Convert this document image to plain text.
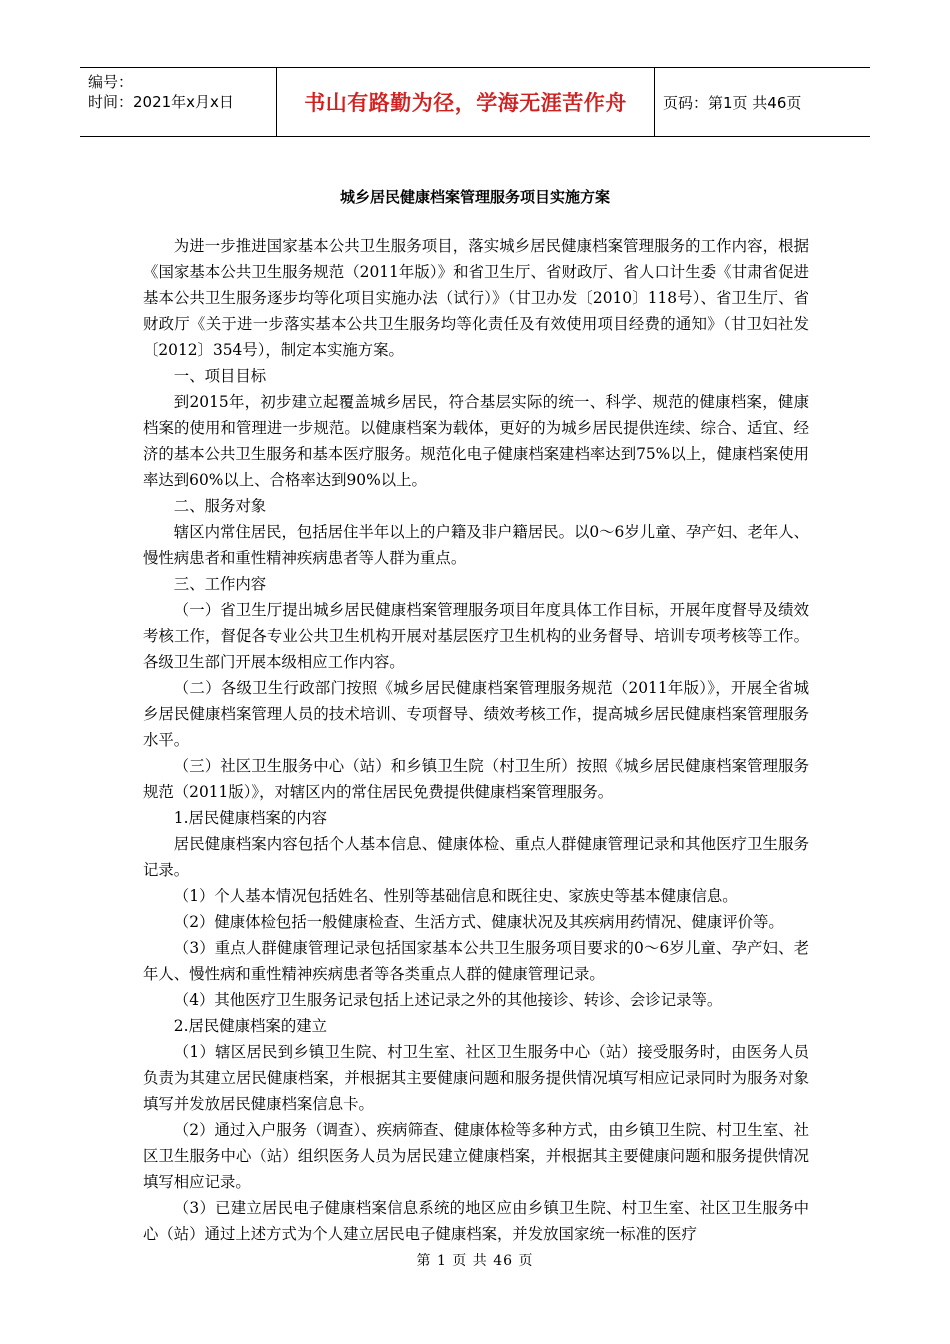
编号：
时间：2021年x月x日	书山有路勤为径，学海无涯苦作舟	页码：第1页 共46页
城乡居民健康档案管理服务项目实施方案

为进一步推进国家基本公共卫生服务项目，落实城乡居民健康档案管理服务的工作内容，根据《国家基本公共卫生服务规范（2011年版）》和省卫生厅、省财政厅、省人口计生委《甘肃省促进基本公共卫生服务逐步均等化项目实施办法（试行）》（甘卫办发〔2010〕118号）、省卫生厅、省财政厅《关于进一步落实基本公共卫生服务均等化责任及有效使用项目经费的通知》（甘卫妇社发〔2012〕354号），制定本实施方案。

一、项目目标

到2015年，初步建立起覆盖城乡居民，符合基层实际的统一、科学、规范的健康档案，健康档案的使用和管理进一步规范。以健康档案为载体，更好的为城乡居民提供连续、综合、适宜、经济的基本公共卫生服务和基本医疗服务。规范化电子健康档案建档率达到75%以上，健康档案使用率达到60%以上、合格率达到90%以上。

二、服务对象

辖区内常住居民，包括居住半年以上的户籍及非户籍居民。以0～6岁儿童、孕产妇、老年人、慢性病患者和重性精神疾病患者等人群为重点。

三、工作内容

（一）省卫生厅提出城乡居民健康档案管理服务项目年度具体工作目标，开展年度督导及绩效考核工作，督促各专业公共卫生机构开展对基层医疗卫生机构的业务督导、培训专项考核等工作。各级卫生部门开展本级相应工作内容。

（二）各级卫生行政部门按照《城乡居民健康档案管理服务规范（2011年版）》，开展全省城乡居民健康档案管理人员的技术培训、专项督导、绩效考核工作，提高城乡居民健康档案管理服务水平。

（三）社区卫生服务中心（站）和乡镇卫生院（村卫生所）按照《城乡居民健康档案管理服务规范（2011版）》，对辖区内的常住居民免费提供健康档案管理服务。

1.居民健康档案的内容

居民健康档案内容包括个人基本信息、健康体检、重点人群健康管理记录和其他医疗卫生服务记录。

（1）个人基本情况包括姓名、性别等基础信息和既往史、家族史等基本健康信息。

（2）健康体检包括一般健康检查、生活方式、健康状况及其疾病用药情况、健康评价等。

（3）重点人群健康管理记录包括国家基本公共卫生服务项目要求的0～6岁儿童、孕产妇、老年人、慢性病和重性精神疾病患者等各类重点人群的健康管理记录。

（4）其他医疗卫生服务记录包括上述记录之外的其他接诊、转诊、会诊记录等。

2.居民健康档案的建立

（1）辖区居民到乡镇卫生院、村卫生室、社区卫生服务中心（站）接受服务时，由医务人员负责为其建立居民健康档案，并根据其主要健康问题和服务提供情况填写相应记录同时为服务对象填写并发放居民健康档案信息卡。

（2）通过入户服务（调查）、疾病筛查、健康体检等多种方式，由乡镇卫生院、村卫生室、社区卫生服务中心（站）组织医务人员为居民建立健康档案，并根据其主要健康问题和服务提供情况填写相应记录。

（3）已建立居民电子健康档案信息系统的地区应由乡镇卫生院、村卫生室、社区卫生服务中心（站）通过上述方式为个人建立居民电子健康档案，并发放国家统一标准的医疗

第 1 页 共 46 页
